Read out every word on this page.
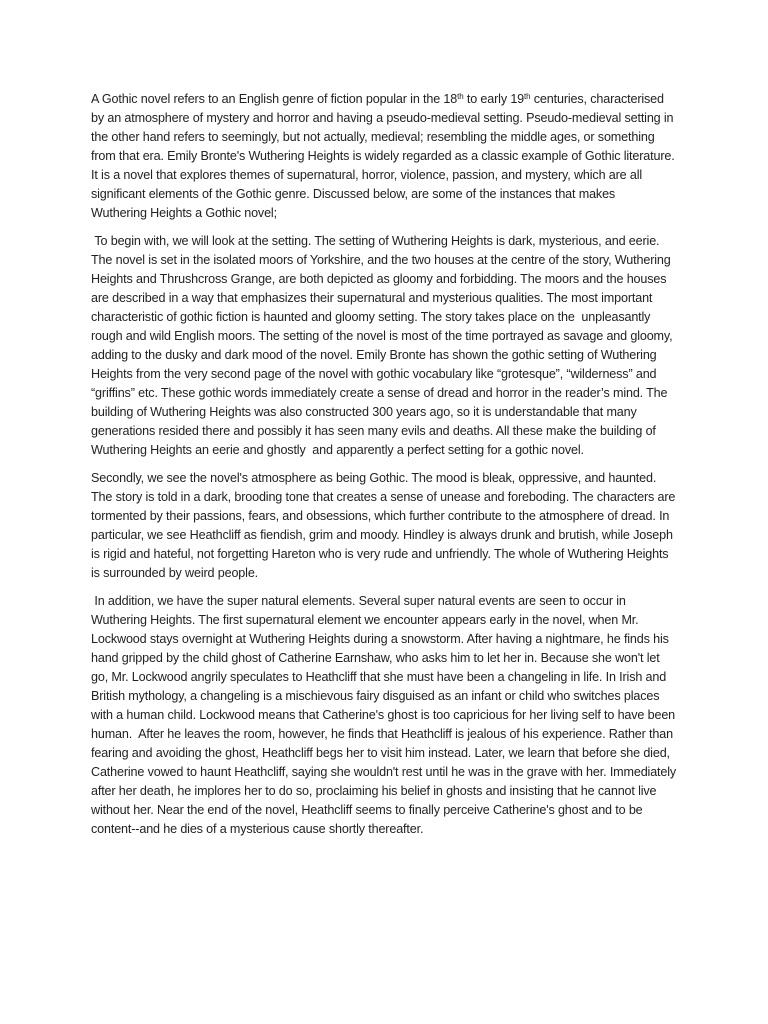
A Gothic novel refers to an English genre of fiction popular in the 18th to early 19th centuries, characterised by an atmosphere of mystery and horror and having a pseudo-medieval setting. Pseudo-medieval setting in the other hand refers to seemingly, but not actually, medieval; resembling the middle ages, or something from that era. Emily Bronte's Wuthering Heights is widely regarded as a classic example of Gothic literature. It is a novel that explores themes of supernatural, horror, violence, passion, and mystery, which are all significant elements of the Gothic genre. Discussed below, are some of the instances that makes  Wuthering Heights a Gothic novel;

To begin with, we will look at the setting. The setting of Wuthering Heights is dark, mysterious, and eerie. The novel is set in the isolated moors of Yorkshire, and the two houses at the centre of the story, Wuthering Heights and Thrushcross Grange, are both depicted as gloomy and forbidding. The moors and the houses are described in a way that emphasizes their supernatural and mysterious qualities. The most important characteristic of gothic fiction is haunted and gloomy setting. The story takes place on the  unpleasantly rough and wild English moors. The setting of the novel is most of the time portrayed as savage and gloomy, adding to the dusky and dark mood of the novel. Emily Bronte has shown the gothic setting of Wuthering Heights from the very second page of the novel with gothic vocabulary like “grotesque”, “wilderness” and “griffins” etc. These gothic words immediately create a sense of dread and horror in the reader’s mind. The building of Wuthering Heights was also constructed 300 years ago, so it is understandable that many generations resided there and possibly it has seen many evils and deaths. All these make the building of Wuthering Heights an eerie and ghostly  and apparently a perfect setting for a gothic novel.

Secondly, we see the novel's atmosphere as being Gothic. The mood is bleak, oppressive, and haunted. The story is told in a dark, brooding tone that creates a sense of unease and foreboding. The characters are tormented by their passions, fears, and obsessions, which further contribute to the atmosphere of dread. In particular, we see Heathcliff as fiendish, grim and moody. Hindley is always drunk and brutish, while Joseph is rigid and hateful, not forgetting Hareton who is very rude and unfriendly. The whole of Wuthering Heights is surrounded by weird people.

In addition, we have the super natural elements. Several super natural events are seen to occur in Wuthering Heights. The first supernatural element we encounter appears early in the novel, when Mr. Lockwood stays overnight at Wuthering Heights during a snowstorm. After having a nightmare, he finds his hand gripped by the child ghost of Catherine Earnshaw, who asks him to let her in. Because she won't let go, Mr. Lockwood angrily speculates to Heathcliff that she must have been a changeling in life. In Irish and British mythology, a changeling is a mischievous fairy disguised as an infant or child who switches places with a human child. Lockwood means that Catherine's ghost is too capricious for her living self to have been human.  After he leaves the room, however, he finds that Heathcliff is jealous of his experience. Rather than fearing and avoiding the ghost, Heathcliff begs her to visit him instead. Later, we learn that before she died, Catherine vowed to haunt Heathcliff, saying she wouldn't rest until he was in the grave with her. Immediately after her death, he implores her to do so, proclaiming his belief in ghosts and insisting that he cannot live without her. Near the end of the novel, Heathcliff seems to finally perceive Catherine's ghost and to be content--and he dies of a mysterious cause shortly thereafter.
